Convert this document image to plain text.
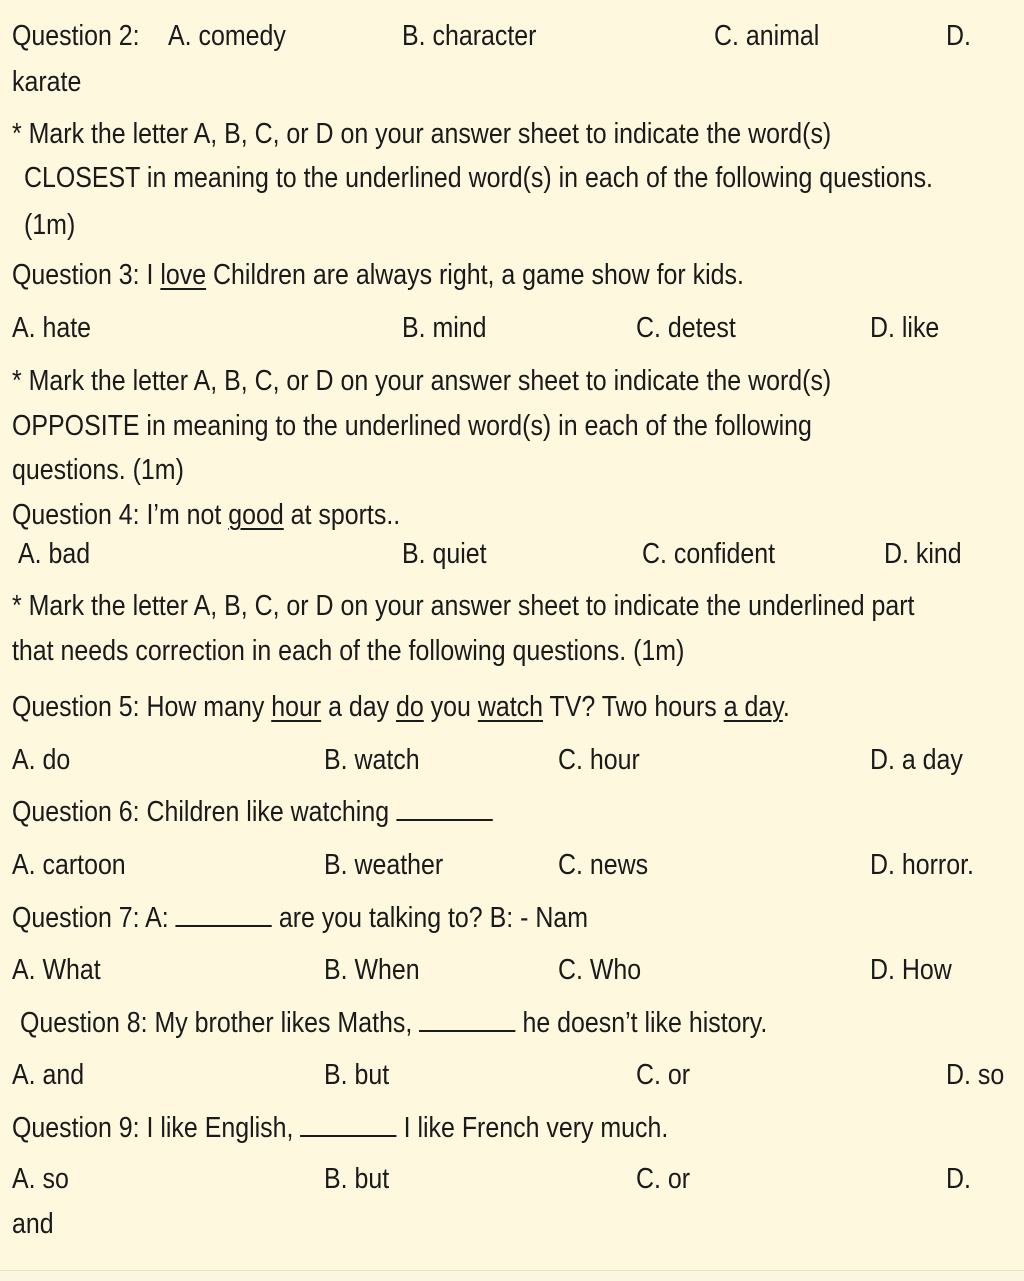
Question 2: A. comedy	B. character	C. animal	D.
karate
* Mark the letter A, B, C, or D on your answer sheet to indicate the word(s)
CLOSEST in meaning to the underlined word(s) in each of the following questions.
(1m)
Question 3: I love Children are always right, a game show for kids.
A. hate	B. mind	C. detest	D. like
* Mark the letter A, B, C, or D on your answer sheet to indicate the word(s)
OPPOSITE in meaning to the underlined word(s) in each of the following
questions. (1m)
Question 4: I’m not good at sports..
A. bad	B. quiet	C. confident	D. kind
* Mark the letter A, B, C, or D on your answer sheet to indicate the underlined part
that needs correction in each of the following questions. (1m)
Question 5: How many hour a day do you watch TV? Two hours a day.
A. do	B. watch	C. hour	D. a day
Question 6: Children like watching
A. cartoon	B. weather	C. news	D. horror.
Question 7: A:	are you talking to? B: - Nam
A. What	B. When	C. Who	D. How
Question 8: My brother likes Maths,	he doesn’t like history.
A. and	B. but	C. or	D. so
Question 9: I like English,	I like French very much.
A. so	B. but	C. or	D.
and
